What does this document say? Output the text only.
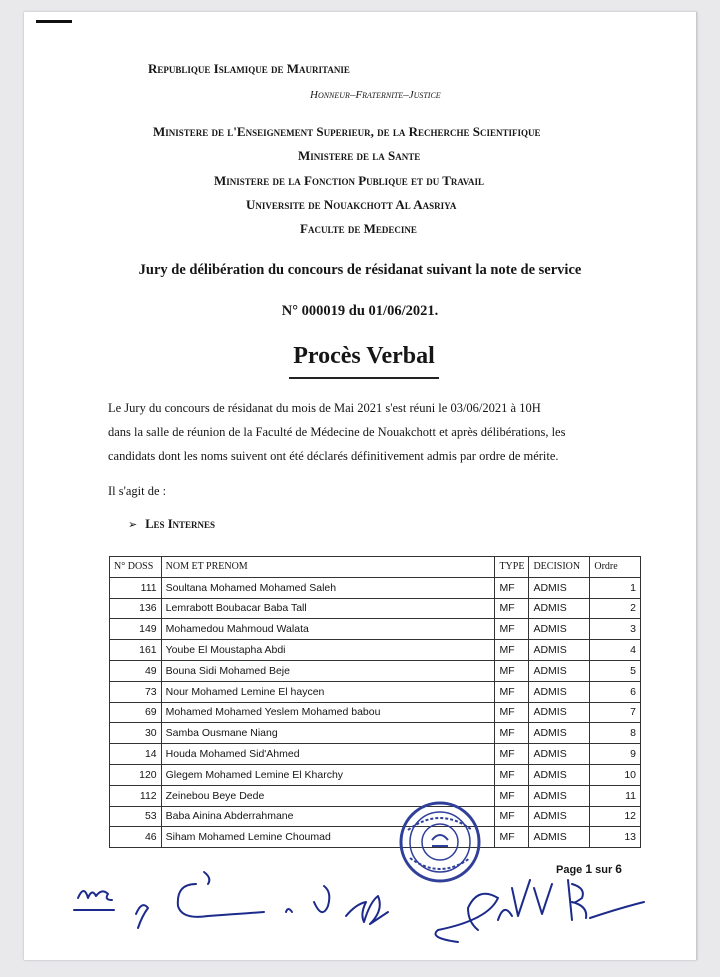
Republique Islamique de Mauritanie
Honneur–Fraternite–Justice
Ministere de l'Enseignement Superieur, de la Recherche Scientifique
Ministere de la Sante
Ministere de la Fonction Publique et du Travail
Universite de Nouakchott Al Aasriya
Faculte de Medecine
Jury de délibération du concours de résidanat suivant la note de service
N° 000019 du 01/06/2021.
Procès Verbal
Le Jury du concours de résidanat du mois de Mai 2021 s'est réuni le 03/06/2021 à 10H
dans la salle de réunion de la Faculté de Médecine de Nouakchott et après délibérations, les
candidats dont les noms suivent ont été déclarés définitivement admis par ordre de mérite.
Il s'agit de :
➢ Les Internes
N° DOSS	NOM ET PRENOM	TYPE	DECISION	Ordre
111	Soultana Mohamed Mohamed Saleh	MF	ADMIS	1
136	Lemrabott Boubacar Baba Tall	MF	ADMIS	2
149	Mohamedou Mahmoud Walata	MF	ADMIS	3
161	Yoube El Moustapha Abdi	MF	ADMIS	4
49	Bouna Sidi Mohamed Beje	MF	ADMIS	5
73	Nour Mohamed Lemine El haycen	MF	ADMIS	6
69	Mohamed Mohamed Yeslem Mohamed babou	MF	ADMIS	7
30	Samba Ousmane Niang	MF	ADMIS	8
14	Houda Mohamed Sid'Ahmed	MF	ADMIS	9
120	Glegem Mohamed Lemine El Kharchy	MF	ADMIS	10
112	Zeinebou Beye Dede	MF	ADMIS	11
53	Baba Ainina Abderrahmane	MF	ADMIS	12
46	Siham Mohamed Lemine Choumad	MF	ADMIS	13
Page 1 sur 6
